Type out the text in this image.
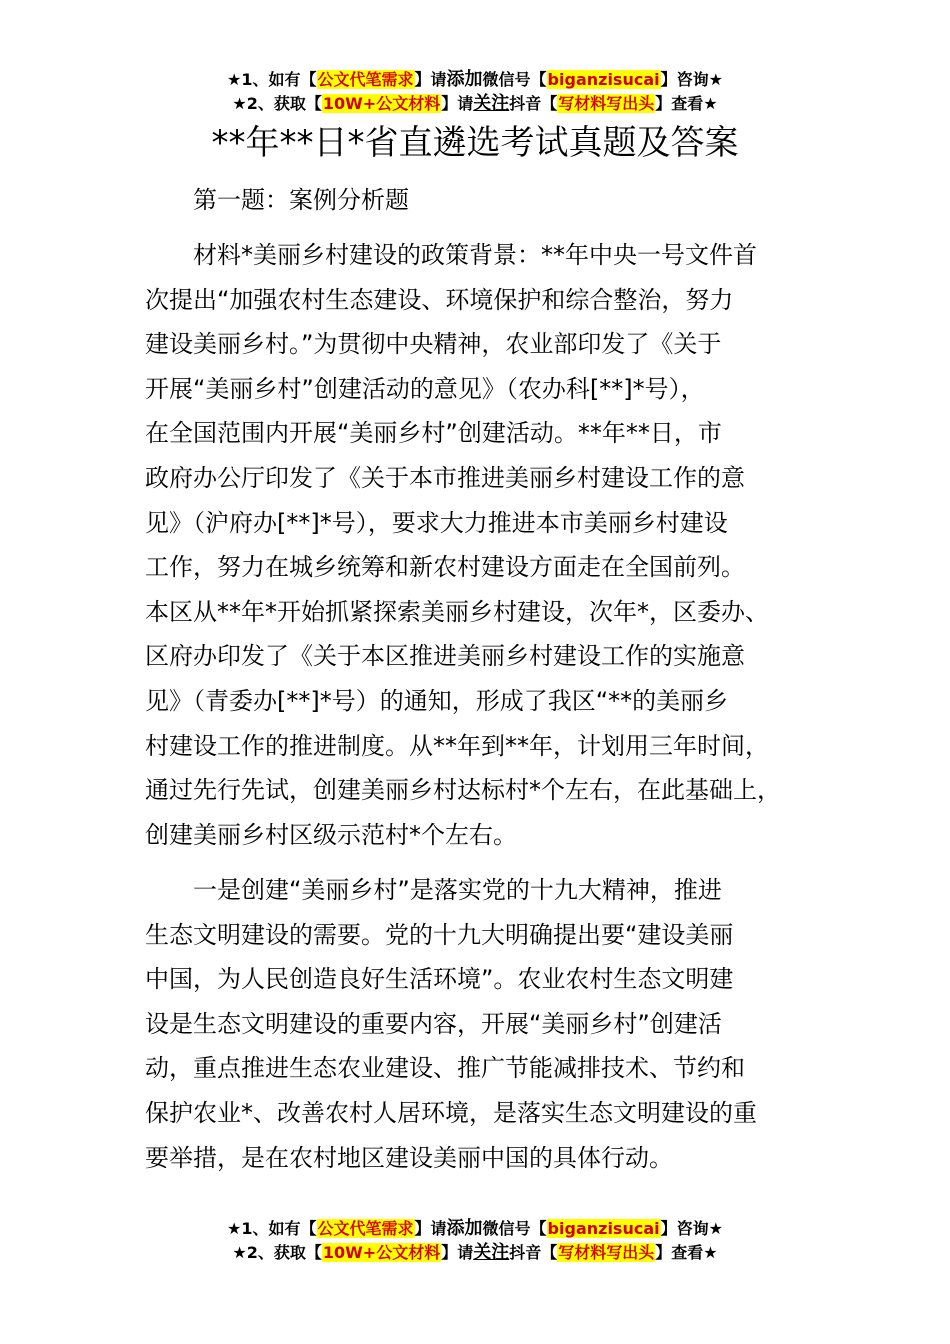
★1、如有【公文代笔需求】请添加微信号【biganzisucai】咨询★
★2、获取【10W+公文材料】请关注抖音【写材料写出头】查看★
**年**日*省直遴选考试真题及答案
第一题：案例分析题
　　材料*美丽乡村建设的政策背景：**年中央一号文件首
次提出“加强农村生态建设、环境保护和综合整治，努力
建设美丽乡村。”为贯彻中央精神，农业部印发了《关于
开展“美丽乡村”创建活动的意见》（农办科[**]*号），
在全国范围内开展“美丽乡村”创建活动。**年**日，市
政府办公厅印发了《关于本市推进美丽乡村建设工作的意
见》（沪府办[**]*号），要求大力推进本市美丽乡村建设
工作，努力在城乡统筹和新农村建设方面走在全国前列。
本区从**年*开始抓紧探索美丽乡村建设，次年*，区委办、
区府办印发了《关于本区推进美丽乡村建设工作的实施意
见》（青委办[**]*号）的通知，形成了我区“**的美丽乡
村建设工作的推进制度。从**年到**年，计划用三年时间，
通过先行先试，创建美丽乡村达标村*个左右，在此基础上，
创建美丽乡村区级示范村*个左右。
　　一是创建“美丽乡村”是落实党的十九大精神，推进
生态文明建设的需要。党的十九大明确提出要“建设美丽
中国，为人民创造良好生活环境”。农业农村生态文明建
设是生态文明建设的重要内容，开展“美丽乡村”创建活
动，重点推进生态农业建设、推广节能减排技术、节约和
保护农业*、改善农村人居环境，是落实生态文明建设的重
要举措，是在农村地区建设美丽中国的具体行动。
★1、如有【公文代笔需求】请添加微信号【biganzisucai】咨询★
★2、获取【10W+公文材料】请关注抖音【写材料写出头】查看★
